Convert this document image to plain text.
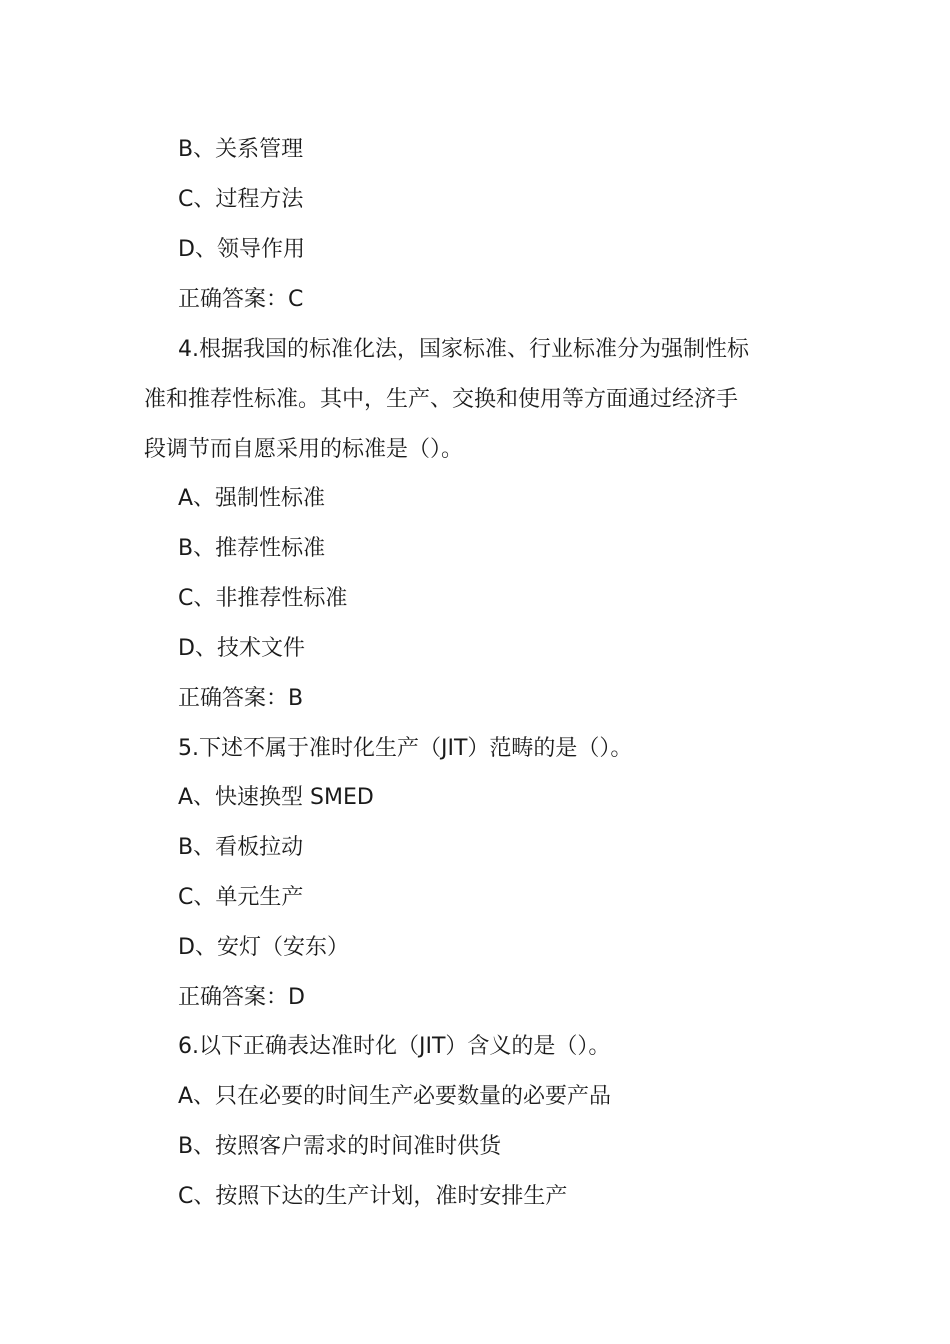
B、关系管理
C、过程方法
D、领导作用
正确答案：C
4.根据我国的标准化法，国家标准、行业标准分为强制性标
准和推荐性标准。其中，生产、交换和使用等方面通过经济手
段调节而自愿采用的标准是（）。
A、强制性标准
B、推荐性标准
C、非推荐性标准
D、技术文件
正确答案：B
5.下述不属于准时化生产（JIT）范畴的是（）。
A、快速换型 SMED
B、看板拉动
C、单元生产
D、安灯（安东）
正确答案：D
6.以下正确表达准时化（JIT）含义的是（）。
A、只在必要的时间生产必要数量的必要产品
B、按照客户需求的时间准时供货
C、按照下达的生产计划，准时安排生产
